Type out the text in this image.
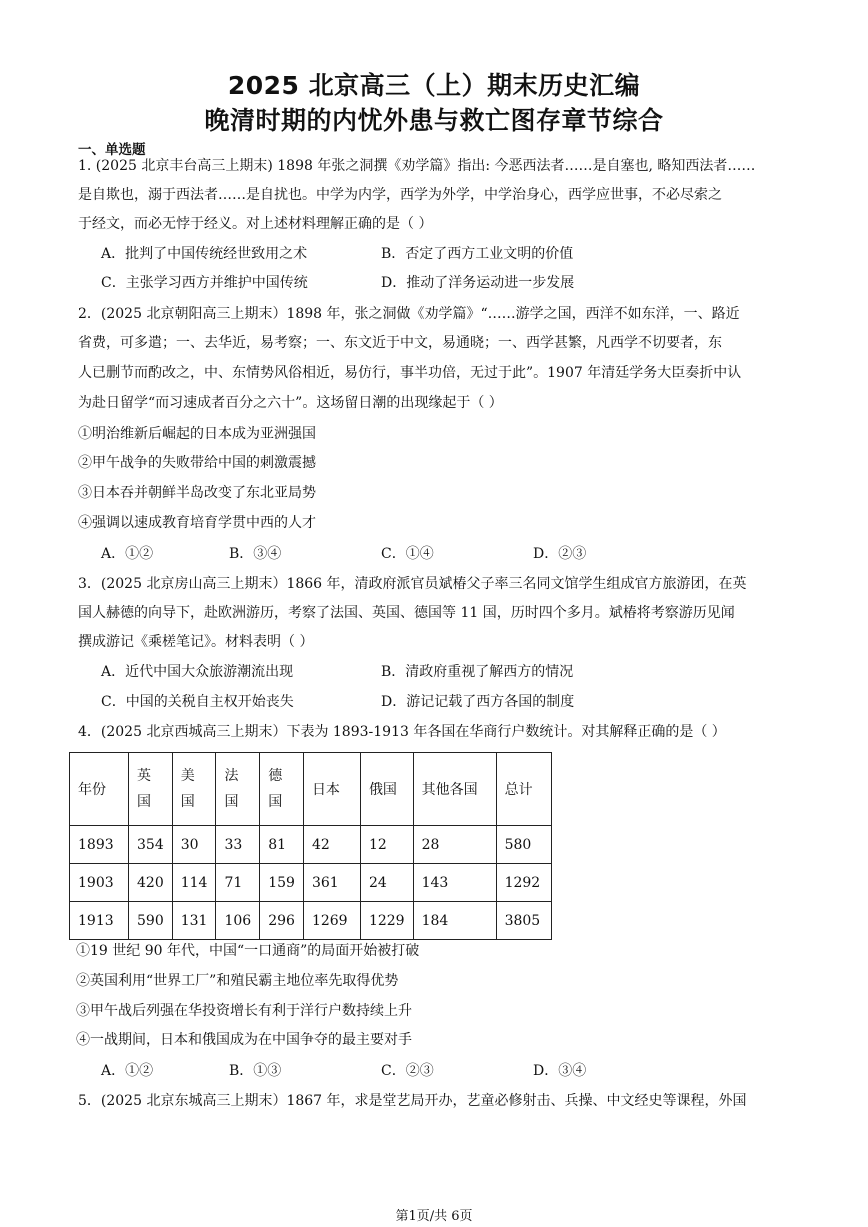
2025 北京高三（上）期末历史汇编
晚清时期的内忧外患与救亡图存章节综合
一、单选题
1. (2025 北京丰台高三上期末) 1898 年张之洞撰《劝学篇》指出: 今恶西法者……是自塞也, 略知西法者……
是自欺也，溺于西法者……是自扰也。中学为内学，西学为外学，中学治身心，西学应世事，不必尽索之
于经文，而必无悖于经义。对上述材料理解正确的是（ ）
A．批判了中国传统经世致用之术	B．否定了西方工业文明的价值
C．主张学习西方并维护中国传统	D．推动了洋务运动进一步发展
2．(2025 北京朝阳高三上期末）1898 年，张之洞做《劝学篇》“……游学之国，西洋不如东洋，一、路近
省费，可多遣；一、去华近，易考察；一、东文近于中文，易通晓；一、西学甚繁，凡西学不切要者，东
人已删节而酌改之，中、东情势风俗相近，易仿行，事半功倍，无过于此”。1907 年清廷学务大臣奏折中认
为赴日留学“而习速成者百分之六十”。这场留日潮的出现缘起于（ ）
①明治维新后崛起的日本成为亚洲强国
②甲午战争的失败带给中国的刺激震撼
③日本吞并朝鲜半岛改变了东北亚局势
④强调以速成教育培育学贯中西的人才
A．①②	B．③④	C．①④	D．②③
3．(2025 北京房山高三上期末）1866 年，清政府派官员斌椿父子率三名同文馆学生组成官方旅游团，在英
国人赫德的向导下，赴欧洲游历，考察了法国、英国、德国等 11 国，历时四个多月。斌椿将考察游历见闻
撰成游记《乘槎笔记》。材料表明（ ）
A．近代中国大众旅游潮流出现	B．清政府重视了解西方的情况
C．中国的关税自主权开始丧失	D．游记记载了西方各国的制度
4．(2025 北京西城高三上期末）下表为 1893-1913 年各国在华商行户数统计。对其解释正确的是（ ）
年份	英国	美国	法国	德国	日本	俄国	其他各国	总计
1893	354	30	33	81	42	12	28	580
1903	420	114	71	159	361	24	143	1292
1913	590	131	106	296	1269	1229	184	3805
①19 世纪 90 年代，中国“一口通商”的局面开始被打破
②英国利用“世界工厂”和殖民霸主地位率先取得优势
③甲午战后列强在华投资增长有利于洋行户数持续上升
④一战期间，日本和俄国成为在中国争夺的最主要对手
A．①②	B．①③	C．②③	D．③④
5．(2025 北京东城高三上期末）1867 年，求是堂艺局开办，艺童必修射击、兵操、中文经史等课程，外国
第1页/共 6页
